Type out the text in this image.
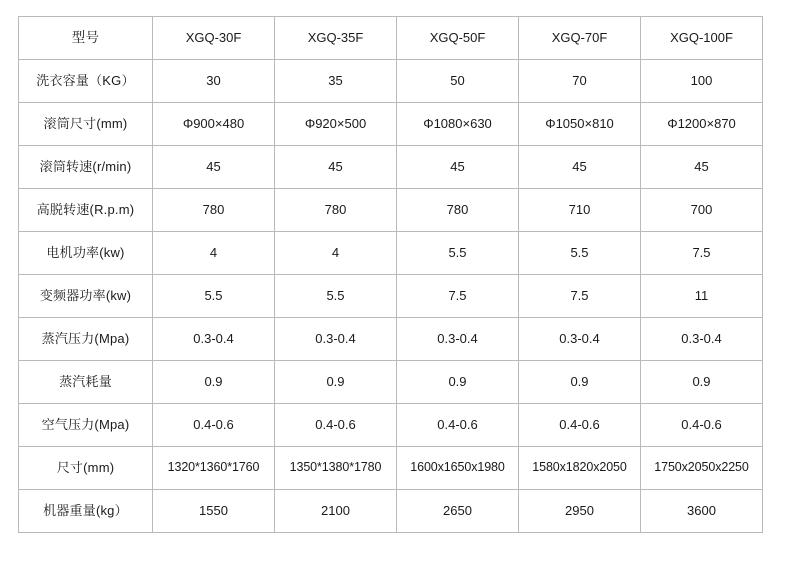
型号	XGQ-30F	XGQ-35F	XGQ-50F	XGQ-70F	XGQ-100F
洗衣容量（KG）	30	35	50	70	100
滚筒尺寸(mm)	Φ900×480	Φ920×500	Φ1080×630	Φ1050×810	Φ1200×870
滚筒转速(r/min)	45	45	45	45	45
高脱转速(R.p.m)	780	780	780	710	700
电机功率(kw)	4	4	5.5	5.5	7.5
变频器功率(kw)	5.5	5.5	7.5	7.5	11
蒸汽压力(Mpa)	0.3-0.4	0.3-0.4	0.3-0.4	0.3-0.4	0.3-0.4
蒸汽耗量	0.9	0.9	0.9	0.9	0.9
空气压力(Mpa)	0.4-0.6	0.4-0.6	0.4-0.6	0.4-0.6	0.4-0.6
尺寸(mm)	1320*1360*1760	1350*1380*1780	1600x1650x1980	1580x1820x2050	1750x2050x2250
机器重量(kg）	1550	2100	2650	2950	3600
